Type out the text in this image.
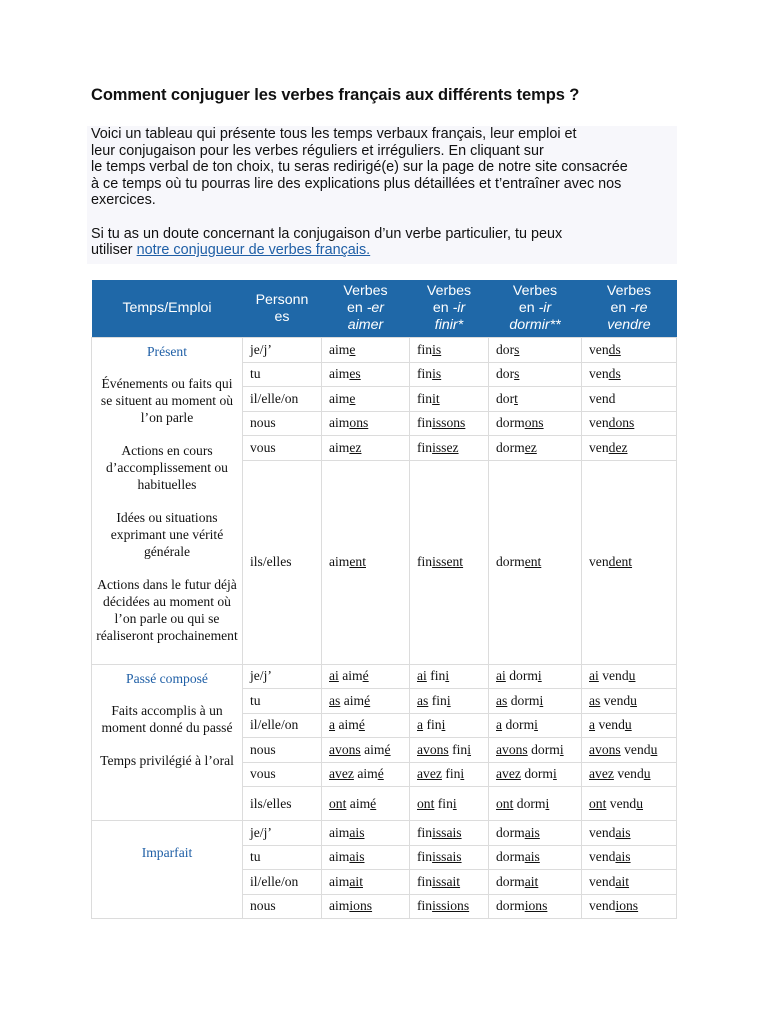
Comment conjuguer les verbes français aux différents temps ?

Voici un tableau qui présente tous les temps verbaux français, leur emploi et
leur conjugaison pour les verbes réguliers et irréguliers. En cliquant sur
le temps verbal de ton choix, tu seras redirigé(e) sur la page de notre site consacrée
à ce temps où tu pourras lire des explications plus détaillées et t’entraîner avec nos
exercices.

Si tu as un doute concernant la conjugaison d’un verbe particulier, tu peux
utiliser notre conjugueur de verbes français.

Temps/Emploi	Personn
es	Verbes
en -er
aimer	Verbes
en -ir
finir*	Verbes
en -ir
dormir**	Verbes
en -re
vendre

Présent
Événements ou faits qui se situent au moment où l’on parle
Actions en cours d’accomplissement ou habituelles
Idées ou situations exprimant une vérité générale
Actions dans le futur déjà décidées au moment où l’on parle ou qui se réaliseront prochainement	je/j’	aime	finis	dors	vends
	tu	aimes	finis	dors	vends
	il/elle/on	aime	finit	dort	vend
	nous	aimons	finissons	dormons	vendons
	vous	aimez	finissez	dormez	vendez
	ils/elles	aiment	finissent	dorment	vendent

Passé composé
Faits accomplis à un moment donné du passé
Temps privilégié à l’oral	je/j’	ai aimé	ai fini	ai dormi	ai vendu
	tu	as aimé	as fini	as dormi	as vendu
	il/elle/on	a aimé	a fini	a dormi	a vendu
	nous	avons aimé	avons fini	avons dormi	avons vendu
	vous	avez aimé	avez fini	avez dormi	avez vendu
	ils/elles	ont aimé	ont fini	ont dormi	ont vendu

Imparfait	je/j’	aimais	finissais	dormais	vendais
	tu	aimais	finissais	dormais	vendais
	il/elle/on	aimait	finissait	dormait	vendait
	nous	aimions	finissions	dormions	vendions
